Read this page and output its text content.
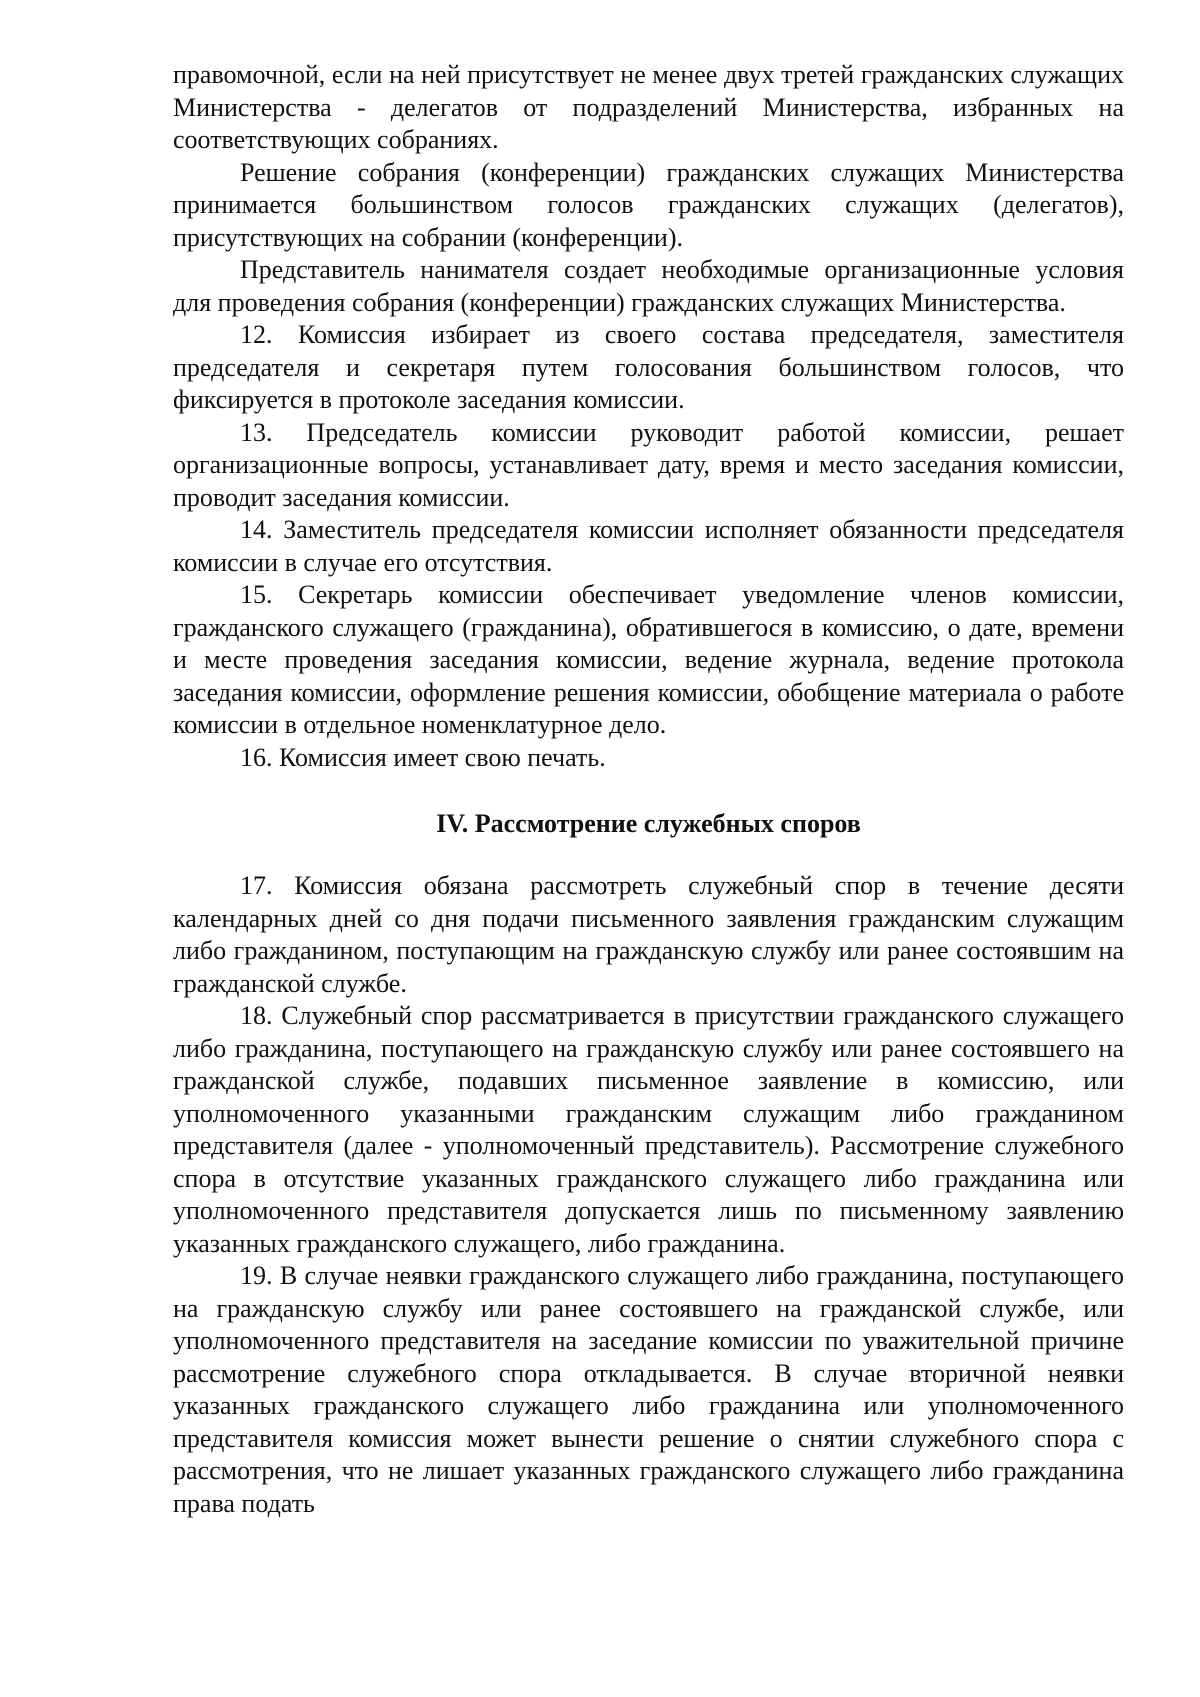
правомочной, если на ней присутствует не менее двух третей гражданских служащих Министерства - делегатов от подразделений Министерства, избранных на соответствующих собраниях.

Решение собрания (конференции) гражданских служащих Министерства принимается большинством голосов гражданских служащих (делегатов), присутствующих на собрании (конференции).

Представитель нанимателя создает необходимые организационные условия для проведения собрания (конференции) гражданских служащих Министерства.

12. Комиссия избирает из своего состава председателя, заместителя председателя и секретаря путем голосования большинством голосов, что фиксируется в протоколе заседания комиссии.

13. Председатель комиссии руководит работой комиссии, решает организационные вопросы, устанавливает дату, время и место заседания комиссии, проводит заседания комиссии.

14. Заместитель председателя комиссии исполняет обязанности председателя комиссии в случае его отсутствия.

15. Секретарь комиссии обеспечивает уведомление членов комиссии, гражданского служащего (гражданина), обратившегося в комиссию, о дате, времени и месте проведения заседания комиссии, ведение журнала, ведение протокола заседания комиссии, оформление решения комиссии, обобщение материала о работе комиссии в отдельное номенклатурное дело.

16. Комиссия имеет свою печать.

IV. Рассмотрение служебных споров

17. Комиссия обязана рассмотреть служебный спор в течение десяти календарных дней со дня подачи письменного заявления гражданским служащим либо гражданином, поступающим на гражданскую службу или ранее состоявшим на гражданской службе.

18. Служебный спор рассматривается в присутствии гражданского служащего либо гражданина, поступающего на гражданскую службу или ранее состоявшего на гражданской службе, подавших письменное заявление в комиссию, или уполномоченного указанными гражданским служащим либо гражданином представителя (далее - уполномоченный представитель). Рассмотрение служебного спора в отсутствие указанных гражданского служащего либо гражданина или уполномоченного представителя допускается лишь по письменному заявлению указанных гражданского служащего, либо гражданина.

19. В случае неявки гражданского служащего либо гражданина, поступающего на гражданскую службу или ранее состоявшего на гражданской службе, или уполномоченного представителя на заседание комиссии по уважительной причине рассмотрение служебного спора откладывается. В случае вторичной неявки указанных гражданского служащего либо гражданина или уполномоченного представителя комиссия может вынести решение о снятии служебного спора с рассмотрения, что не лишает указанных гражданского служащего либо гражданина права подать
